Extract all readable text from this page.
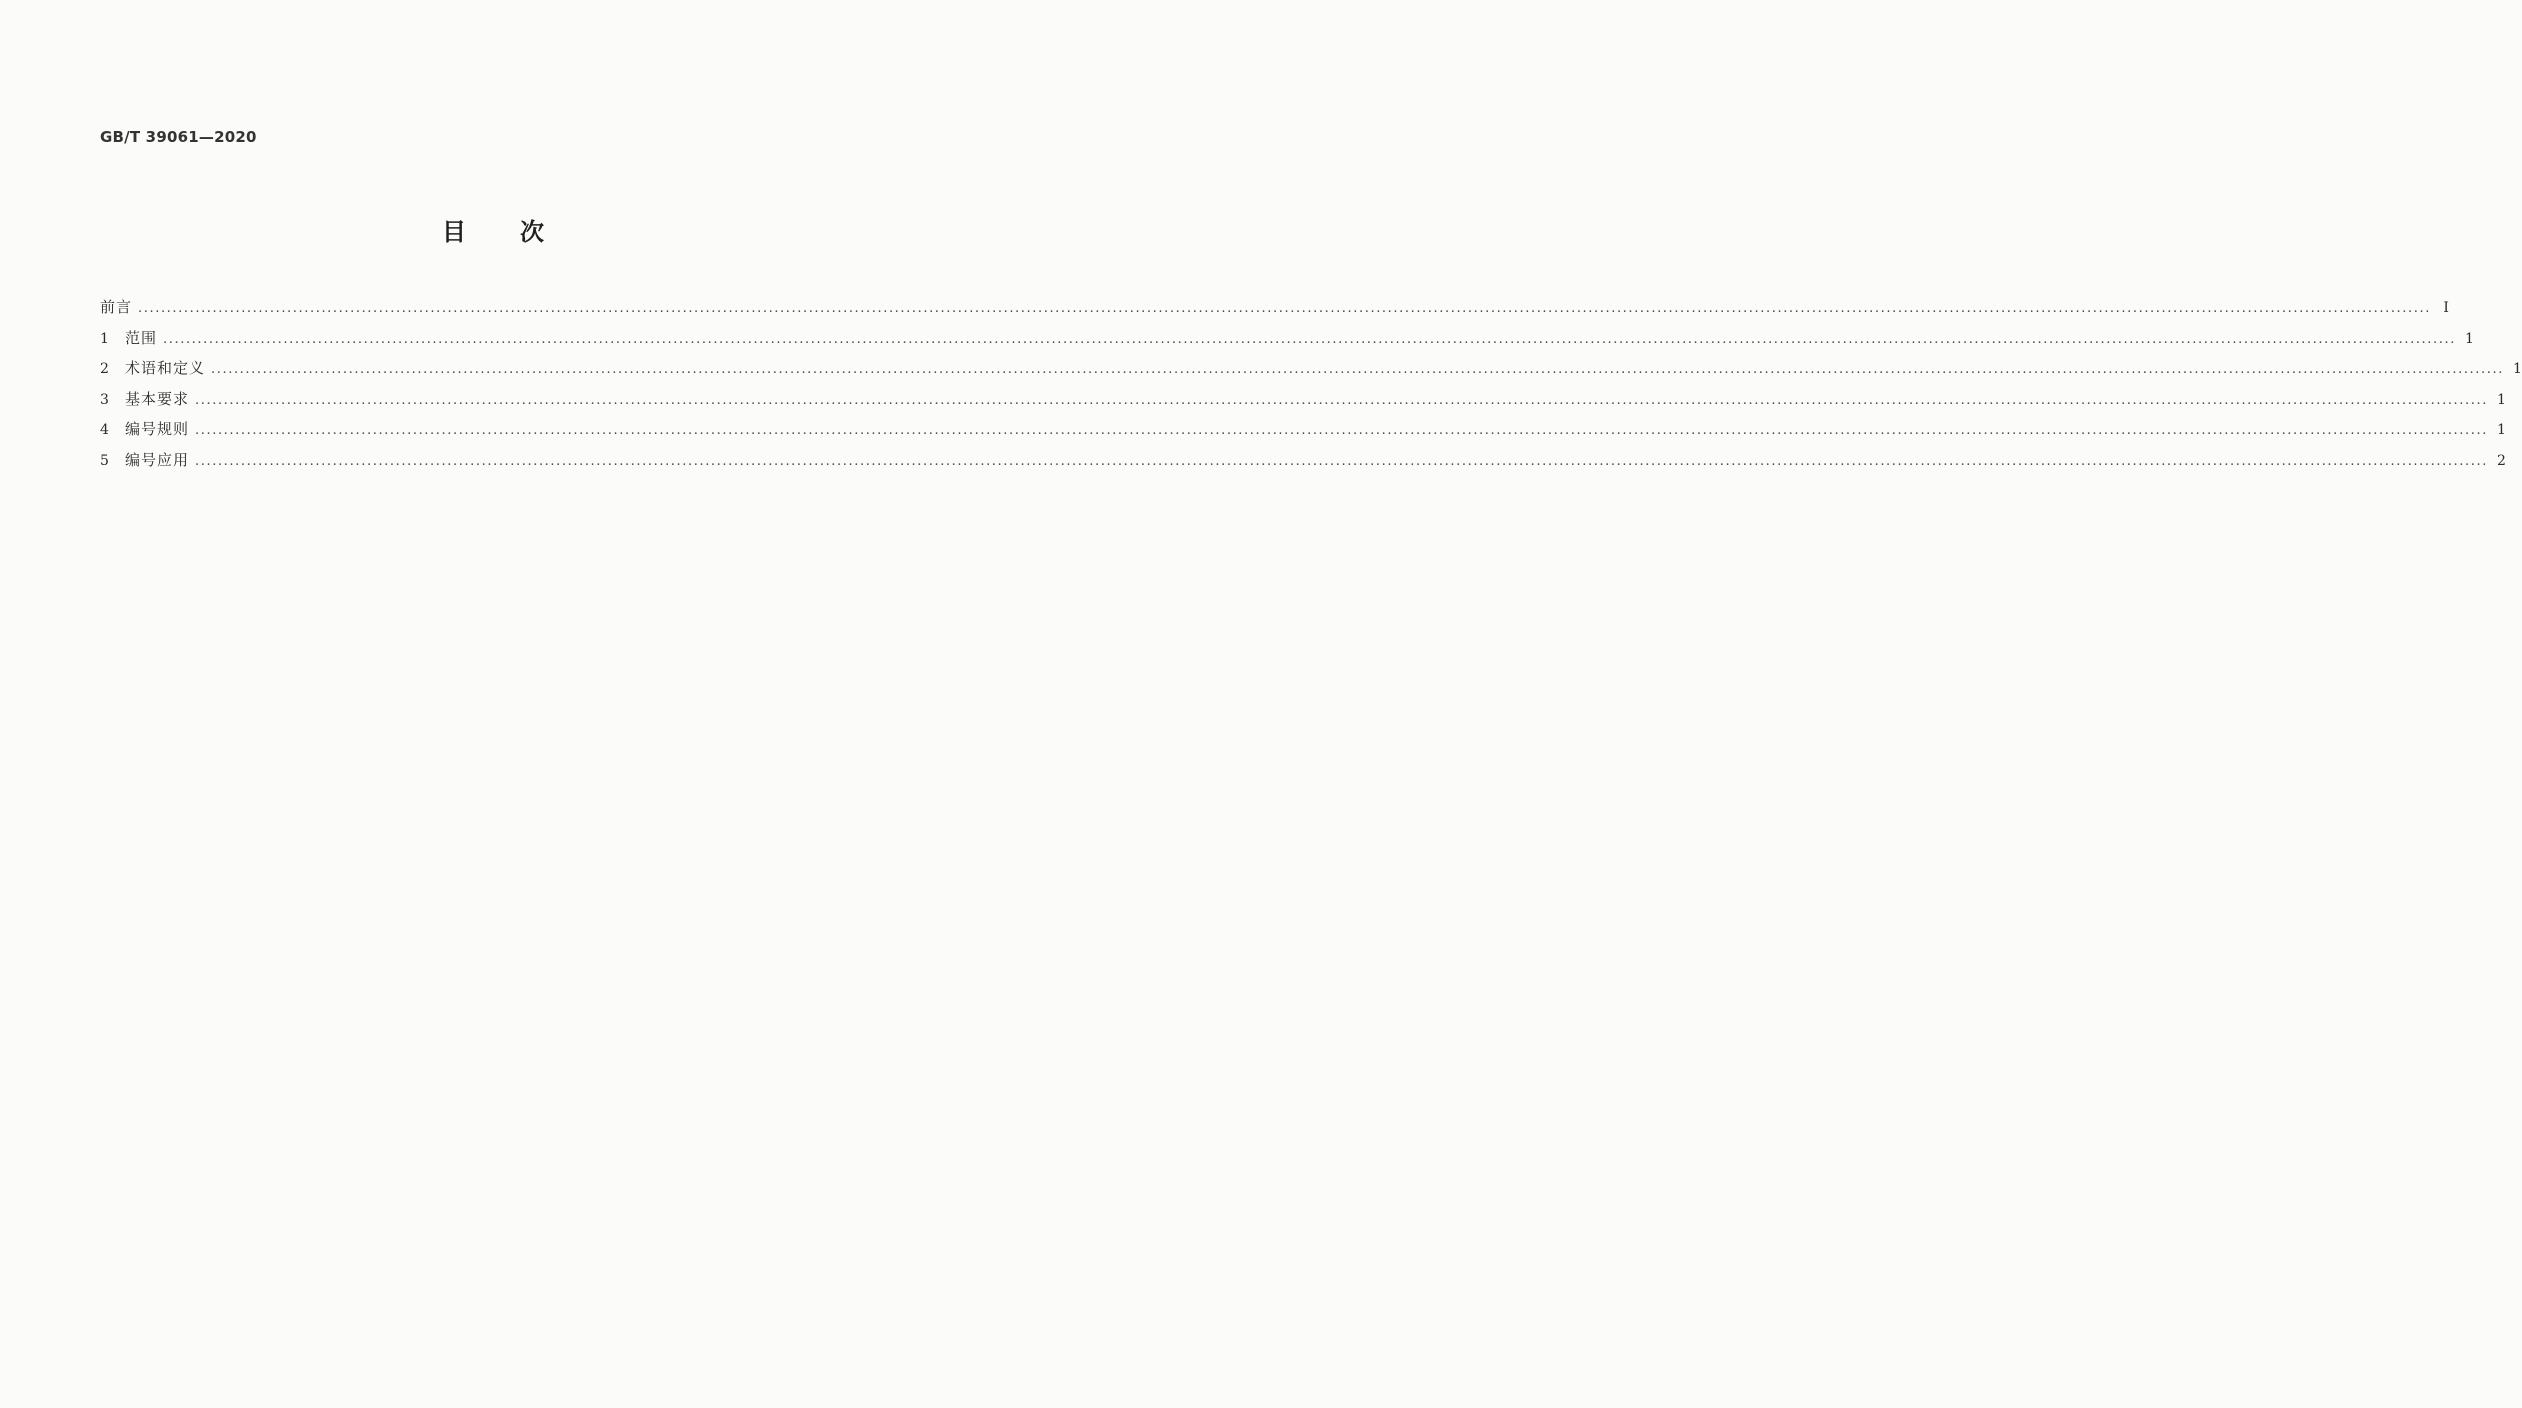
GB/T 39061—2020
目次
前言 ................................................................................................................................................................................................................................................................................................................................................................................................................ I
1	范围 ................................................................................................................................................................................................................................................................................................................................................................................................................ 1
2	术语和定义 ................................................................................................................................................................................................................................................................................................................................................................................................................ 1
3	基本要求 ................................................................................................................................................................................................................................................................................................................................................................................................................ 1
4	编号规则 ................................................................................................................................................................................................................................................................................................................................................................................................................ 1
5	编号应用 ................................................................................................................................................................................................................................................................................................................................................................................................................ 2
